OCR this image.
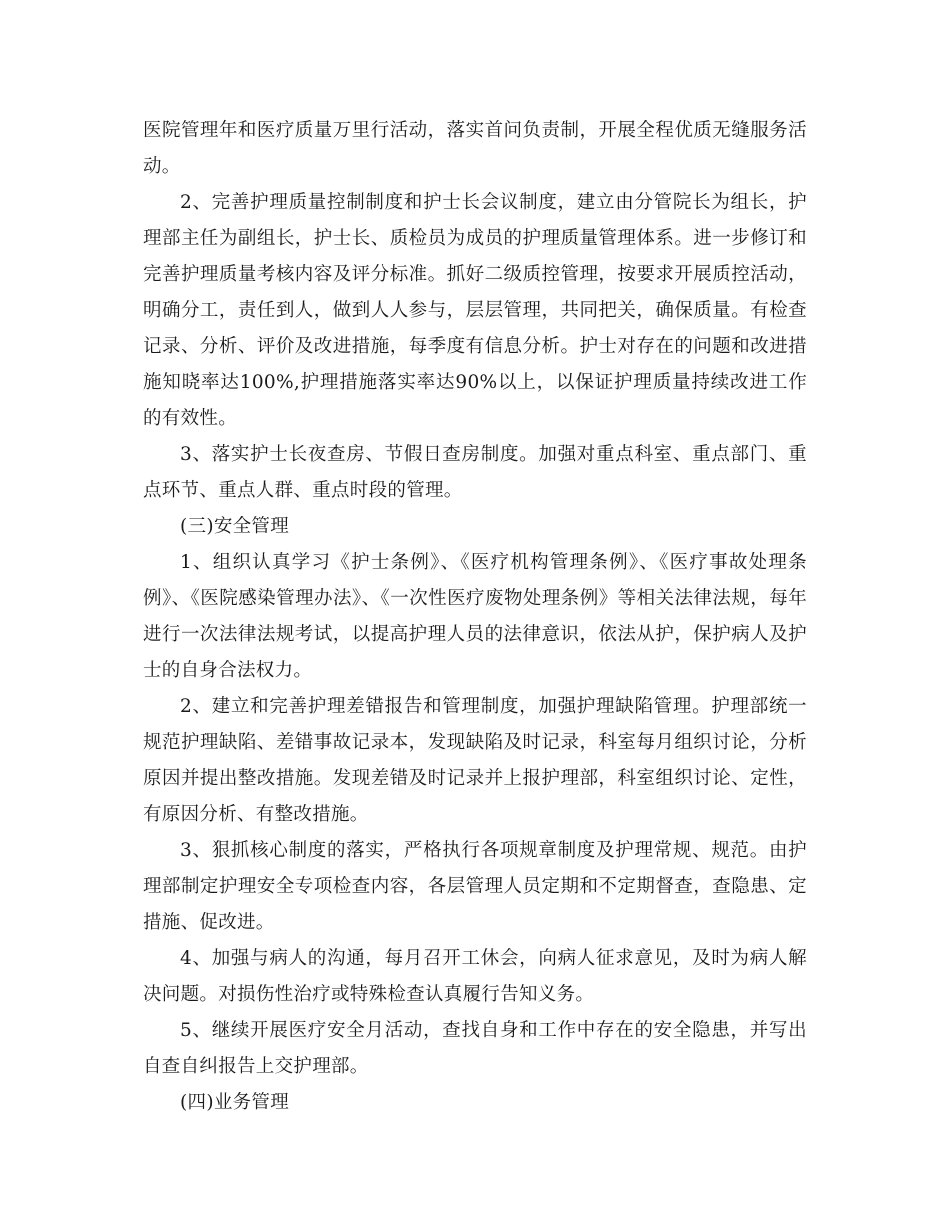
医院管理年和医疗质量万里行活动，落实首问负责制，开展全程优质无缝服务活动。

2、完善护理质量控制制度和护士长会议制度，建立由分管院长为组长，护理部主任为副组长，护士长、质检员为成员的护理质量管理体系。进一步修订和完善护理质量考核内容及评分标准。抓好二级质控管理，按要求开展质控活动，明确分工，责任到人，做到人人参与，层层管理，共同把关，确保质量。有检查记录、分析、评价及改进措施，每季度有信息分析。护士对存在的问题和改进措施知晓率达100%,护理措施落实率达90%以上，以保证护理质量持续改进工作的有效性。

3、落实护士长夜查房、节假日查房制度。加强对重点科室、重点部门、重点环节、重点人群、重点时段的管理。

(三)安全管理

1、组织认真学习《护士条例》、《医疗机构管理条例》、《医疗事故处理条例》、《医院感染管理办法》、《一次性医疗废物处理条例》等相关法律法规，每年进行一次法律法规考试，以提高护理人员的法律意识，依法从护，保护病人及护士的自身合法权力。

2、建立和完善护理差错报告和管理制度，加强护理缺陷管理。护理部统一规范护理缺陷、差错事故记录本，发现缺陷及时记录，科室每月组织讨论，分析原因并提出整改措施。发现差错及时记录并上报护理部，科室组织讨论、定性，有原因分析、有整改措施。

3、狠抓核心制度的落实，严格执行各项规章制度及护理常规、规范。由护理部制定护理安全专项检查内容，各层管理人员定期和不定期督查，查隐患、定措施、促改进。

4、加强与病人的沟通，每月召开工休会，向病人征求意见，及时为病人解决问题。对损伤性治疗或特殊检查认真履行告知义务。

5、继续开展医疗安全月活动，查找自身和工作中存在的安全隐患，并写出自查自纠报告上交护理部。

(四)业务管理
